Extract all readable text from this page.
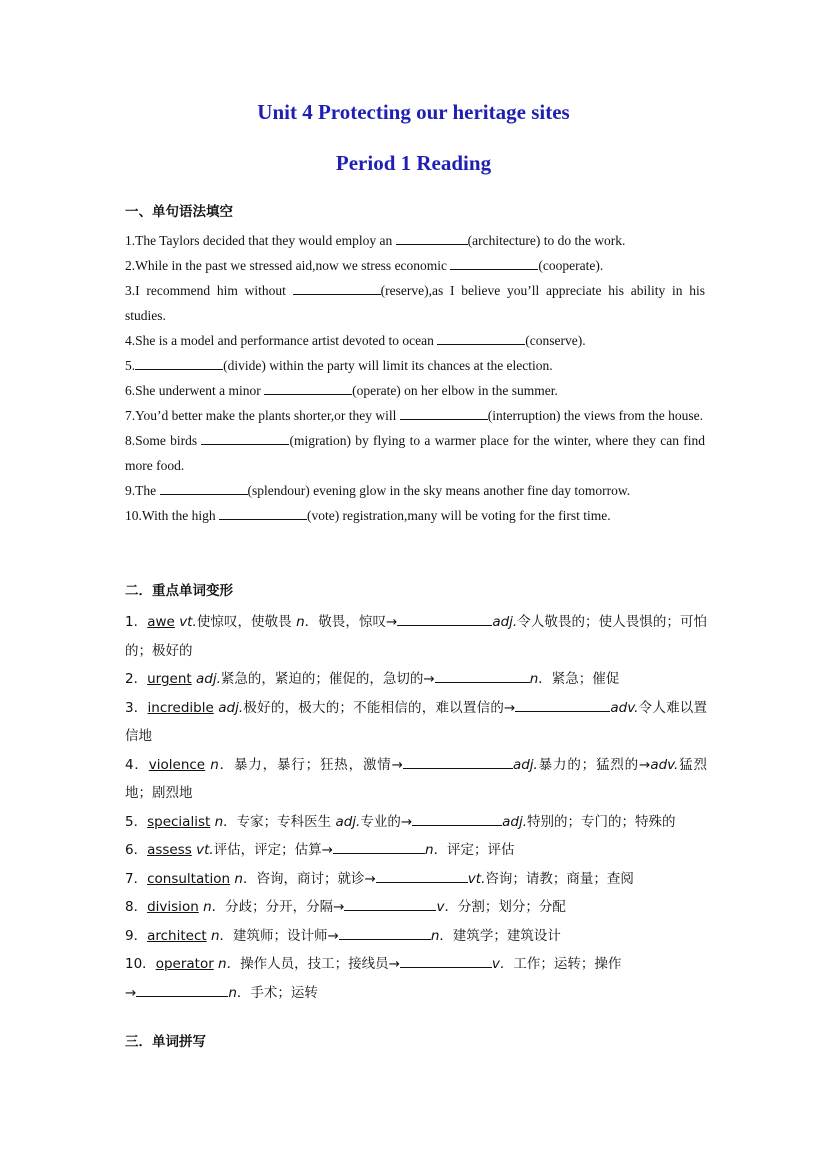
Unit 4 Protecting our heritage sites
Period 1 Reading
一、单句语法填空
1.The Taylors decided that they would employ an	(architecture) to do the work.
2.While in the past we stressed aid,now we stress economic	(cooperate).
3.I recommend him without	(reserve),as I believe you’ll appreciate his ability in his studies.
4.She is a model and performance artist devoted to ocean	(conserve).
5.	(divide) within the party will limit its chances at the election.
6.She underwent a minor	(operate) on her elbow in the summer.
7.You’d better make the plants shorter,or they will	(interruption) the views from the house.
8.Some birds	(migration) by flying to a warmer place for the winter, where they can find more food.
9.The	(splendour) evening glow in the sky means another fine day tomorrow.
10.With the high	(vote) registration,many will be voting for the first time.
二．重点单词变形
1．awe vt.使惊叹，使敬畏 n．敬畏，惊叹→	adj.令人敬畏的；使人畏惧的；可怕的；极好的
2．urgent adj.紧急的，紧迫的；催促的，急切的→	n．紧急；催促
3．incredible adj.极好的，极大的；不能相信的，难以置信的→	adv.令人难以置信地
4．violence n．暴力，暴行；狂热，激情→	adj.暴力的；猛烈的→adv.猛烈地；剧烈地
5．specialist n．专家；专科医生 adj.专业的→	adj.特别的；专门的；特殊的
6．assess vt.评估，评定；估算→	n．评定；评估
7．consultation n．咨询，商讨；就诊→	vt.咨询；请教；商量；查阅
8．division n．分歧；分开，分隔→	v．分割；划分；分配
9．architect n．建筑师；设计师→	n．建筑学；建筑设计
10．operator n．操作人员，技工；接线员→	v．工作；运转；操作
→	n．手术；运转
三．单词拼写
